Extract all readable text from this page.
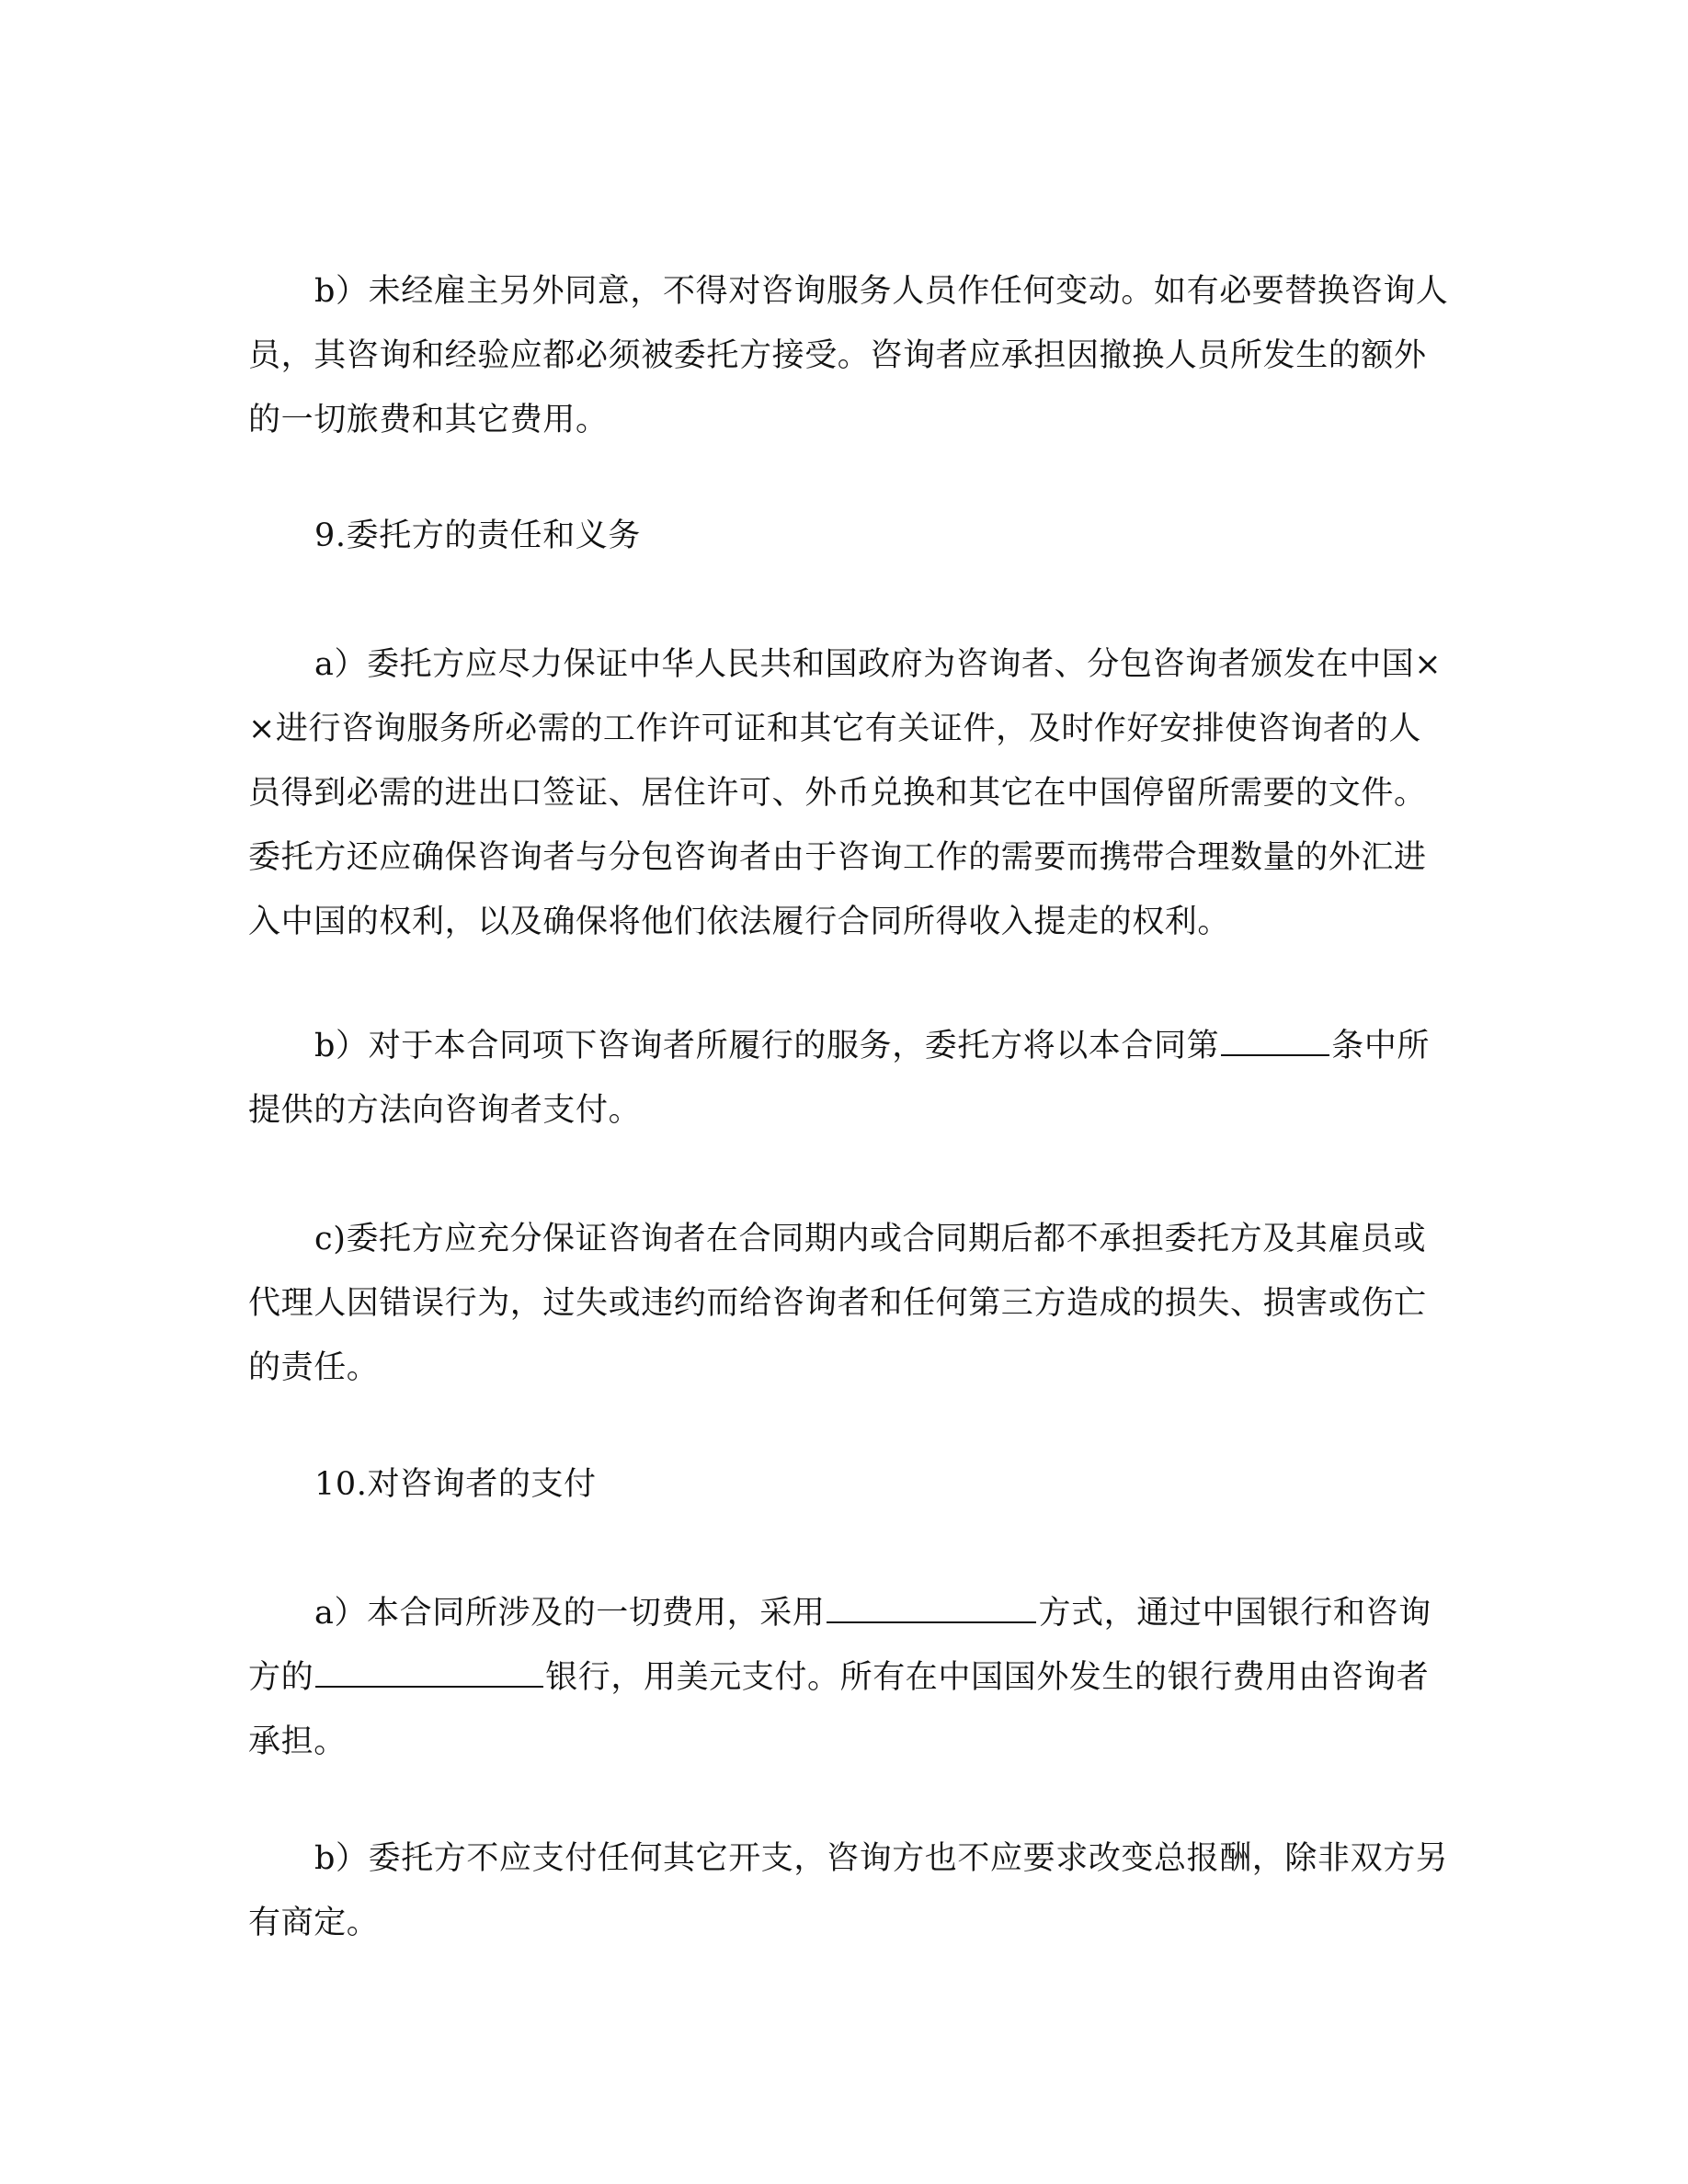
b）未经雇主另外同意，不得对咨询服务人员作任何变动。如有必要替换咨询人
员，其咨询和经验应都必须被委托方接受。咨询者应承担因撤换人员所发生的额外
的一切旅费和其它费用。
9.委托方的责任和义务
a）委托方应尽力保证中华人民共和国政府为咨询者、分包咨询者颁发在中国×
×进行咨询服务所必需的工作许可证和其它有关证件，及时作好安排使咨询者的人
员得到必需的进出口签证、居住许可、外币兑换和其它在中国停留所需要的文件。
委托方还应确保咨询者与分包咨询者由于咨询工作的需要而携带合理数量的外汇进
入中国的权利，以及确保将他们依法履行合同所得收入提走的权利。
b）对于本合同项下咨询者所履行的服务，委托方将以本合同第	条中所
提供的方法向咨询者支付。
c)委托方应充分保证咨询者在合同期内或合同期后都不承担委托方及其雇员或
代理人因错误行为，过失或违约而给咨询者和任何第三方造成的损失、损害或伤亡
的责任。
10.对咨询者的支付
a）本合同所涉及的一切费用，采用	方式，通过中国银行和咨询
方的	银行，用美元支付。所有在中国国外发生的银行费用由咨询者
承担。
b）委托方不应支付任何其它开支，咨询方也不应要求改变总报酬，除非双方另
有商定。
